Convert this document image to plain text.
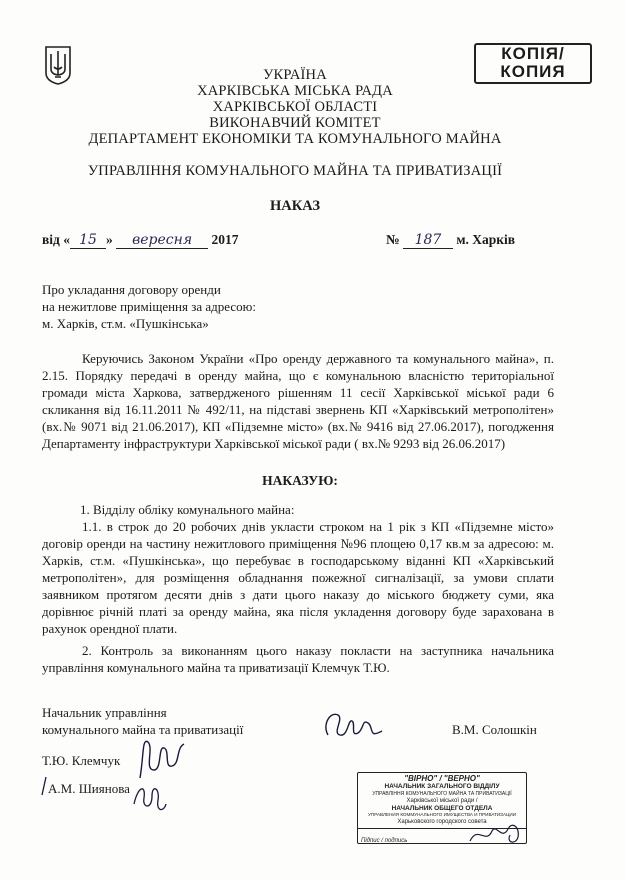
КОПІЯ/
КОПИЯ
УКРАЇНА
ХАРКІВСЬКА МІСЬКА РАДА
ХАРКІВСЬКОЇ ОБЛАСТІ
ВИКОНАВЧИЙ КОМІТЕТ
ДЕПАРТАМЕНТ ЕКОНОМІКИ ТА КОМУНАЛЬНОГО МАЙНА
УПРАВЛІННЯ КОМУНАЛЬНОГО МАЙНА ТА ПРИВАТИЗАЦІЇ
НАКАЗ
від « 15 » вересня 2017	№ 187 м. Харків
Про укладання договору оренди
на нежитлове приміщення за адресою:
м. Харків, ст.м. «Пушкінська»
Керуючись Законом України «Про оренду державного та комунального майна», п. 2.15. Порядку передачі в оренду майна, що є комунальною власністю територіальної громади міста Харкова, затвердженого рішенням 11 сесії Харківської міської ради 6 скликання від 16.11.2011 № 492/11, на підставі звернень КП «Харківський метрополітен» (вх.№ 9071 від 21.06.2017), КП «Підземне місто» (вх.№ 9416 від 27.06.2017), погодження Департаменту інфраструктури Харківської міської ради ( вх.№ 9293 від 26.06.2017)
НАКАЗУЮ:
1. Відділу обліку комунального майна:
1.1. в строк до 20 робочих днів укласти строком на 1 рік з КП «Підземне місто» договір оренди на частину нежитлового приміщення №96 площею 0,17 кв.м за адресою: м. Харків, ст.м. «Пушкінська», що перебуває в господарському віданні КП «Харківський метрополітен», для розміщення обладнання пожежної сигналізації, за умови сплати заявником протягом десяти днів з дати цього наказу до міського бюджету суми, яка дорівнює річній платі за оренду майна, яка після укладення договору буде зарахована в рахунок орендної плати.
2. Контроль за виконанням цього наказу покласти на заступника начальника управління комунального майна та приватизації Клемчук Т.Ю.
Начальник управління
комунального майна та приватизації	В.М. Солошкін
Т.Ю. Клемчук
А.М. Шиянова
"ВІРНО" / "ВЕРНО"
НАЧАЛЬНИК ЗАГАЛЬНОГО ВІДДІЛУ
УПРАВЛІННЯ КОМУНАЛЬНОГО МАЙНА ТА ПРИВАТИЗАЦІЇ
Харківської міської ради /
НАЧАЛЬНИК ОБЩЕГО ОТДЕЛА
УПРАВЛЕНИЯ КОММУНАЛЬНОГО ИМУЩЕСТВА И ПРИВАТИЗАЦИИ
Харьковского городского совета
Підпис / подпись
